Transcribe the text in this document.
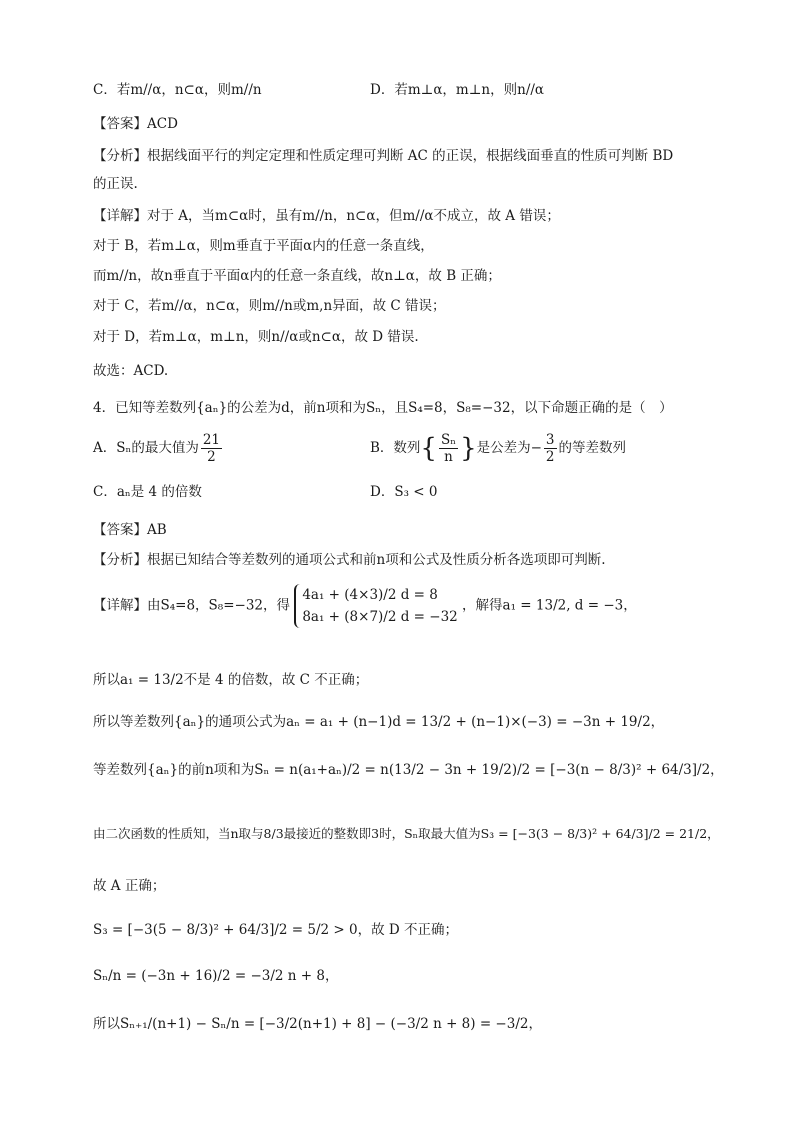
C．若m//α，n⊂α，则m//n	D．若m⊥α，m⊥n，则n//α
【答案】ACD
【分析】根据线面平行的判定定理和性质定理可判断 AC 的正误，根据线面垂直的性质可判断 BD
的正误.
【详解】对于 A，当m⊂α时，虽有m//n，n⊂α，但m//α不成立，故 A 错误；
对于 B，若m⊥α，则m垂直于平面α内的任意一条直线，
而m//n，故n垂直于平面α内的任意一条直线，故n⊥α，故 B 正确；
对于 C，若m//α，n⊂α，则m//n或m,n异面，故 C 错误；
对于 D，若m⊥α，m⊥n，则n//α或n⊂α，故 D 错误.
故选：ACD.
4．已知等差数列{aₙ}的公差为d，前n项和为Sₙ，且S₄=8，S₈=−32，以下命题正确的是（　）
A．Sₙ的最大值为 $\frac{21}{2}$	B．数列{ $\frac{\text{Sₙ}}{n}$ }是公差为− $\frac{3}{2}$ 的等差数列
C．aₙ是 4 的倍数	D．S₃ < 0
【答案】AB
【分析】根据已知结合等差数列的通项公式和前n项和公式及性质分析各选项即可判断.
【详解】由S₄=8，S₈=−32，得
4a₁ + (4×3)/2 d = 8
8a₁ + (8×7)/2 d = −32
，解得a₁ = 13/2, d = −3，
所以a₁ = 13/2不是 4 的倍数，故 C 不正确；
所以等差数列{aₙ}的通项公式为aₙ = a₁ + (n−1)d = 13/2 + (n−1)×(−3) = −3n + 19/2，
等差数列{aₙ}的前n项和为Sₙ = n(a₁+aₙ)/2 = n(13/2 − 3n + 19/2)/2 = [−3(n − 8/3)² + 64/3]/2，
由二次函数的性质知，当n取与8/3最接近的整数即3时，Sₙ取最大值为S₃ = [−3(3 − 8/3)² + 64/3]/2 = 21/2，
故 A 正确；
S₃ = [−3(5 − 8/3)² + 64/3]/2 = 5/2 > 0，故 D 不正确；
Sₙ/n = (−3n + 16)/2 = −3/2 n + 8，
所以Sₙ₊₁/(n+1) − Sₙ/n = [−3/2(n+1) + 8] − (−3/2 n + 8) = −3/2，
